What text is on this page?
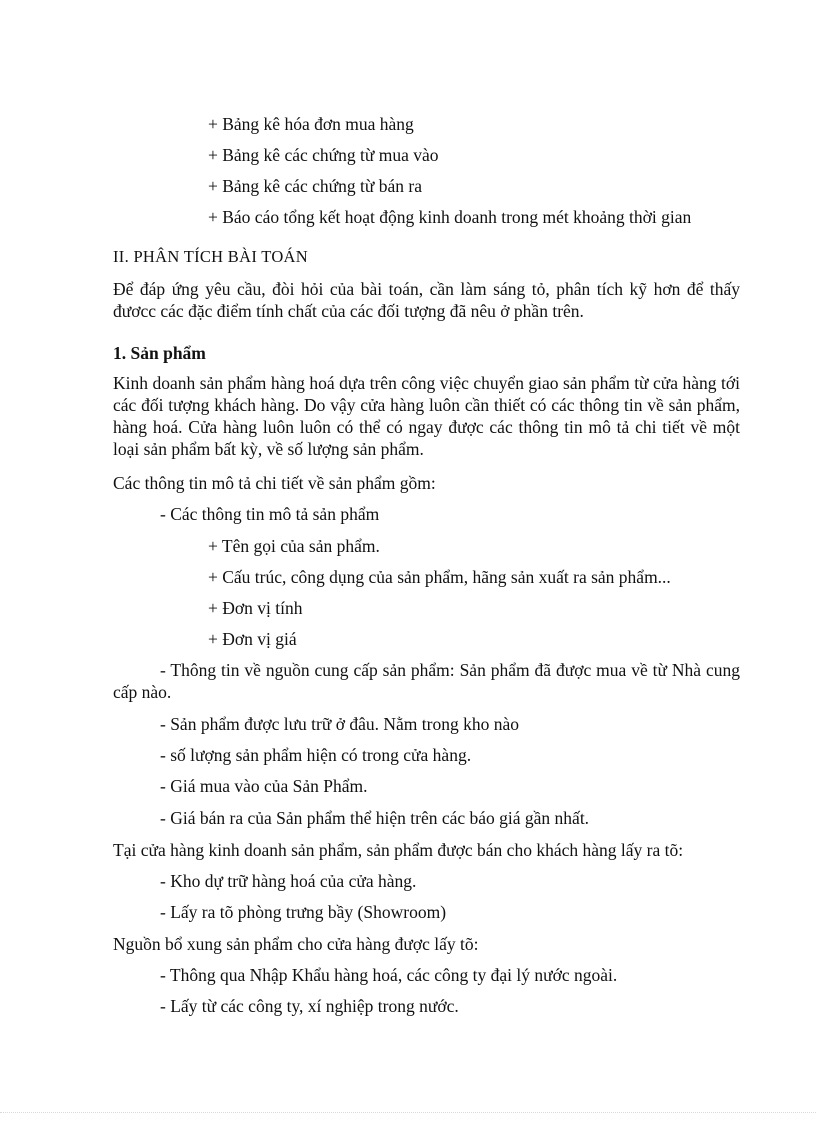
+ Bảng kê hóa đơn mua hàng
+ Bảng kê các chứng từ mua vào
+ Bảng kê các chứng từ bán ra
+ Báo cáo tổng kết hoạt động kinh doanh trong mét khoảng thời gian
II. PHÂN TÍCH BÀI TOÁN
Để đáp ứng yêu cầu, đòi hỏi của bài toán, cần làm sáng tỏ, phân tích kỹ hơn để thấy đươcc các đặc điểm tính chất của các đối tượng đã nêu ở phần trên.
1. Sản phẩm
Kinh doanh sản phẩm hàng hoá dựa trên công việc chuyển giao sản phẩm từ cửa hàng tới các đối tượng khách hàng. Do vậy cửa hàng luôn cần thiết có các thông tin về sản phẩm, hàng hoá. Cửa hàng luôn luôn có thể có ngay được các thông tin mô tả chi tiết về một loại sản phẩm bất kỳ, về số lượng sản phẩm.
Các thông tin mô tả chi tiết về sản phẩm gồm:
- Các thông tin mô tả sản phẩm
+ Tên gọi của sản phẩm.
+ Cấu trúc, công dụng của sản phẩm, hãng sản xuất ra sản phẩm...
+ Đơn vị tính
+ Đơn vị giá
- Thông tin về nguồn cung cấp sản phẩm: Sản phẩm đã được mua về từ Nhà cung cấp nào.
- Sản phẩm được lưu trữ ở đâu. Nằm trong kho nào
- số lượng sản phẩm hiện có trong cửa hàng.
- Giá mua vào của Sản Phẩm.
- Giá bán ra của Sản phẩm thể hiện trên các báo giá gần nhất.
Tại cửa hàng kinh doanh sản phẩm, sản phẩm được bán cho khách hàng lấy ra tõ:
- Kho dự trữ hàng hoá của cửa hàng.
- Lấy ra tõ phòng trưng bầy (Showroom)
Nguồn bổ xung sản phẩm cho cửa hàng được lấy tõ:
- Thông qua Nhập Khẩu hàng hoá, các công ty đại lý nước ngoài.
- Lấy từ các công ty, xí nghiệp trong nước.
